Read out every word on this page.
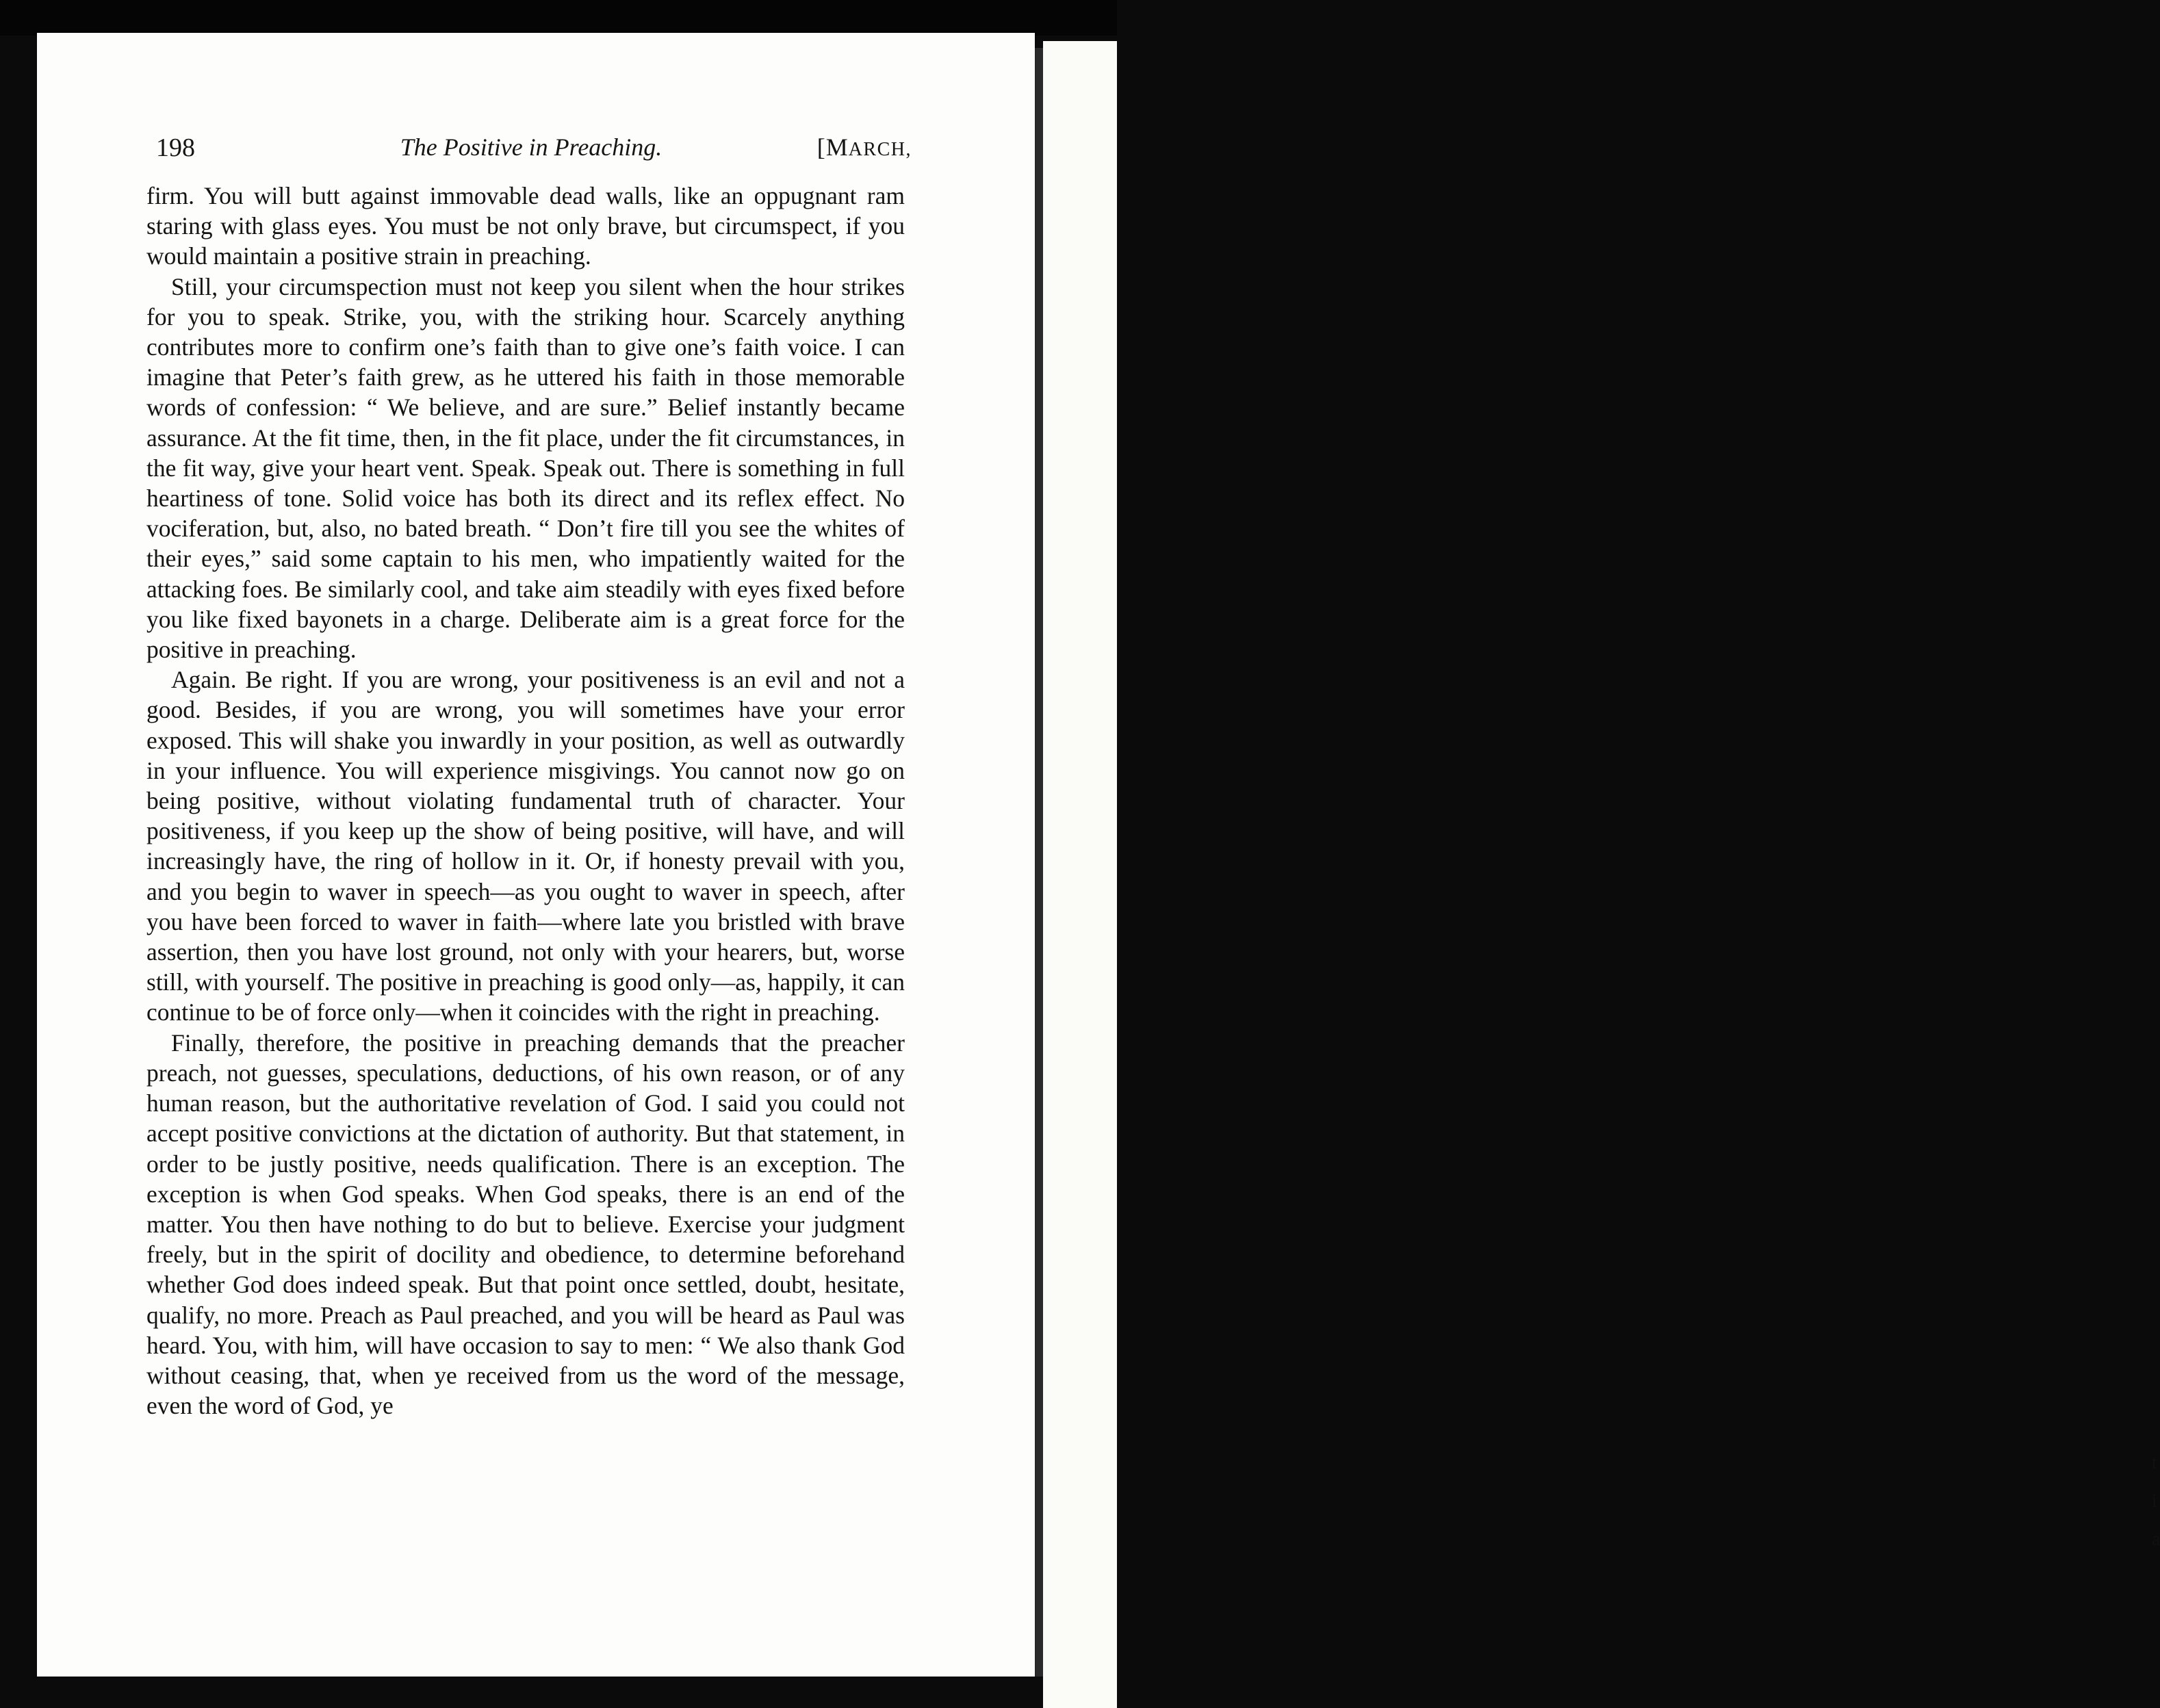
t
i
a
198	The Positive in Preaching.	[MARCH,

firm. You will butt against immovable dead walls, like an oppugnant ram staring with glass eyes. You must be not only brave, but circumspect, if you would maintain a positive strain in preaching.

Still, your circumspection must not keep you silent when the hour strikes for you to speak. Strike, you, with the striking hour. Scarcely anything contributes more to confirm one’s faith than to give one’s faith voice. I can imagine that Peter’s faith grew, as he uttered his faith in those memorable words of confession: “ We believe, and are sure.” Belief instantly became assurance. At the fit time, then, in the fit place, under the fit circumstances, in the fit way, give your heart vent. Speak. Speak out. There is something in full heartiness of tone. Solid voice has both its direct and its reflex effect. No vociferation, but, also, no bated breath. “ Don’t fire till you see the whites of their eyes,” said some captain to his men, who impatiently waited for the attacking foes. Be similarly cool, and take aim steadily with eyes fixed before you like fixed bayonets in a charge. Deliberate aim is a great force for the positive in preaching.

Again. Be right. If you are wrong, your positiveness is an evil and not a good. Besides, if you are wrong, you will sometimes have your error exposed. This will shake you inwardly in your position, as well as outwardly in your influence. You will experience misgivings. You cannot now go on being positive, without violating fundamental truth of character. Your positiveness, if you keep up the show of being positive, will have, and will increasingly have, the ring of hollow in it. Or, if honesty prevail with you, and you begin to waver in speech—as you ought to waver in speech, after you have been forced to waver in faith—where late you bristled with brave assertion, then you have lost ground, not only with your hearers, but, worse still, with yourself. The positive in preaching is good only—as, happily, it can continue to be of force only—when it coincides with the right in preaching.

Finally, therefore, the positive in preaching demands that the preacher preach, not guesses, speculations, deductions, of his own reason, or of any human reason, but the authoritative revelation of God. I said you could not accept positive convictions at the dictation of authority. But that statement, in order to be justly positive, needs qualification. There is an exception. The exception is when God speaks. When God speaks, there is an end of the matter. You then have nothing to do but to believe. Exercise your judgment freely, but in the spirit of docility and obedience, to determine beforehand whether God does indeed speak. But that point once settled, doubt, hesitate, qualify, no more. Preach as Paul preached, and you will be heard as Paul was heard. You, with him, will have occasion to say to men: “ We also thank God without ceasing, that, when ye received from us the word of the message, even the word of God, ye
